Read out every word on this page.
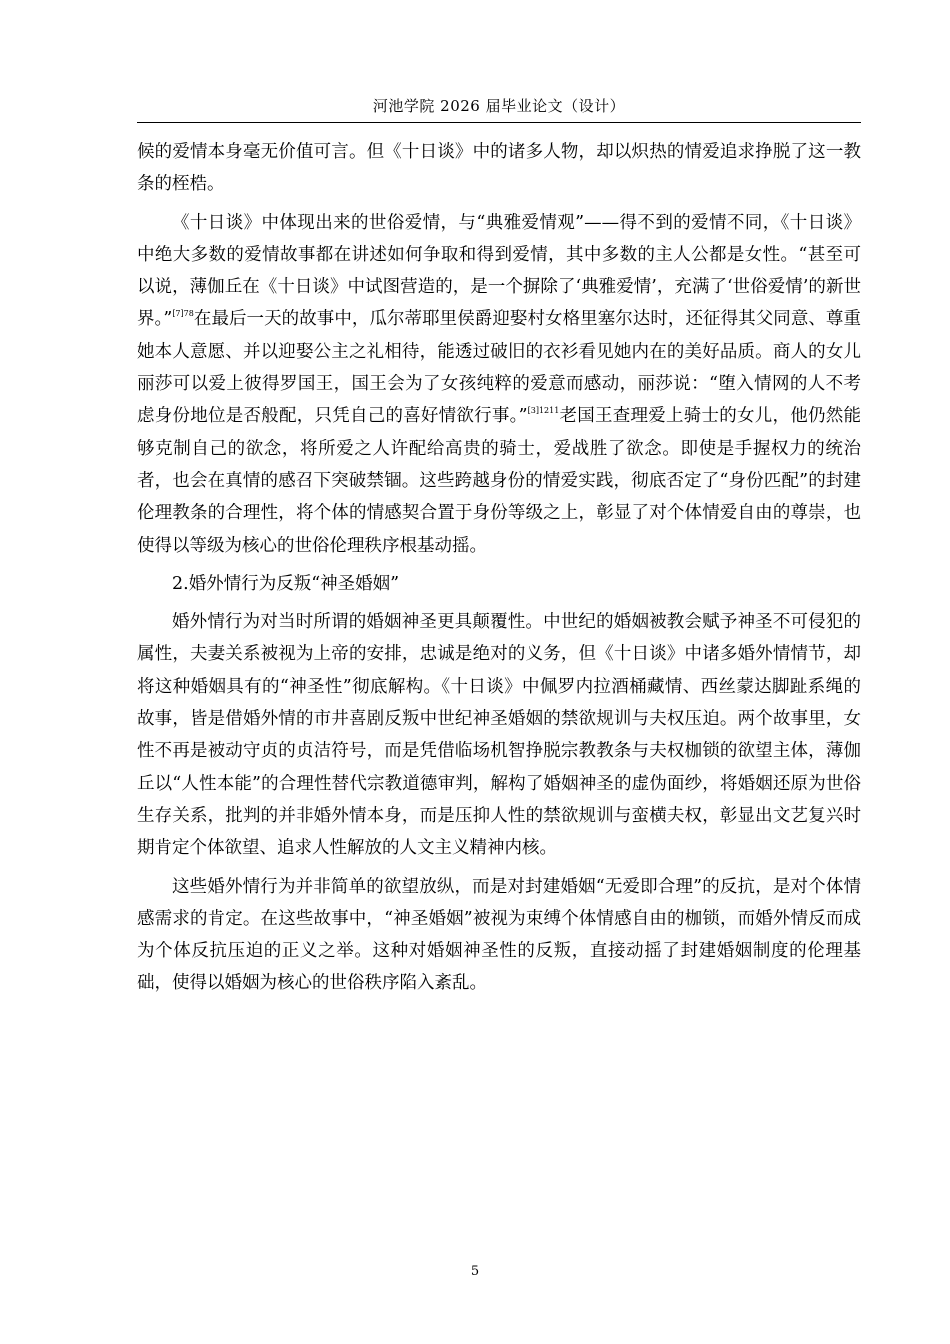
河池学院 2026 届毕业论文（设计）

候的爱情本身毫无价值可言。但《十日谈》中的诸多人物，却以炽热的情爱追求挣脱了这一教条的桎梏。

《十日谈》中体现出来的世俗爱情，与“典雅爱情观”——得不到的爱情不同，《十日谈》中绝大多数的爱情故事都在讲述如何争取和得到爱情，其中多数的主人公都是女性。“甚至可以说，薄伽丘在《十日谈》中试图营造的，是一个摒除了‘典雅爱情’，充满了‘世俗爱情’的新世界。”$^{[7]78}$在最后一天的故事中，瓜尔蒂耶里侯爵迎娶村女格里塞尔达时，还征得其父同意、尊重她本人意愿、并以迎娶公主之礼相待，能透过破旧的衣衫看见她内在的美好品质。商人的女儿丽莎可以爱上彼得罗国王，国王会为了女孩纯粹的爱意而感动，丽莎说：“堕入情网的人不考虑身份地位是否般配，只凭自己的喜好情欲行事。”$^{[3]1211}$老国王查理爱上骑士的女儿，他仍然能够克制自己的欲念，将所爱之人许配给高贵的骑士，爱战胜了欲念。即使是手握权力的统治者，也会在真情的感召下突破禁锢。这些跨越身份的情爱实践，彻底否定了“身份匹配”的封建伦理教条的合理性，将个体的情感契合置于身份等级之上，彰显了对个体情爱自由的尊崇，也使得以等级为核心的世俗伦理秩序根基动摇。

2.婚外情行为反叛“神圣婚姻”

婚外情行为对当时所谓的婚姻神圣更具颠覆性。中世纪的婚姻被教会赋予神圣不可侵犯的属性，夫妻关系被视为上帝的安排，忠诚是绝对的义务，但《十日谈》中诸多婚外情情节，却将这种婚姻具有的“神圣性”彻底解构。《十日谈》中佩罗内拉酒桶藏情、西丝蒙达脚趾系绳的故事，皆是借婚外情的市井喜剧反叛中世纪神圣婚姻的禁欲规训与夫权压迫。两个故事里，女性不再是被动守贞的贞洁符号，而是凭借临场机智挣脱宗教教条与夫权枷锁的欲望主体，薄伽丘以“人性本能”的合理性替代宗教道德审判，解构了婚姻神圣的虚伪面纱，将婚姻还原为世俗生存关系，批判的并非婚外情本身，而是压抑人性的禁欲规训与蛮横夫权，彰显出文艺复兴时期肯定个体欲望、追求人性解放的人文主义精神内核。

这些婚外情行为并非简单的欲望放纵，而是对封建婚姻“无爱即合理”的反抗，是对个体情感需求的肯定。在这些故事中，“神圣婚姻”被视为束缚个体情感自由的枷锁，而婚外情反而成为个体反抗压迫的正义之举。这种对婚姻神圣性的反叛，直接动摇了封建婚姻制度的伦理基础，使得以婚姻为核心的世俗秩序陷入紊乱。

5
